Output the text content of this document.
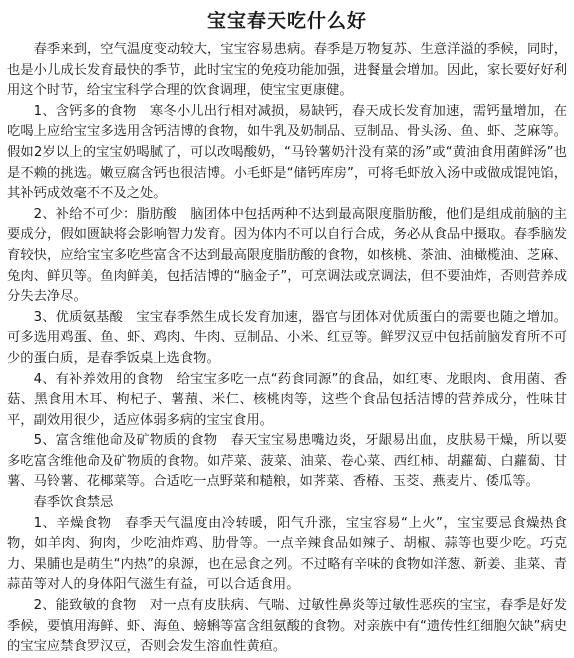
宝宝春天吃什么好

春季来到，空气温度变动较大，宝宝容易患病。春季是万物复苏、生意洋溢的季候，同时，也是小儿成长发育最快的季节，此时宝宝的免疫功能加强，进餐量会增加。因此，家长要好好利用这个时节，给宝宝科学合理的饮食调理，使宝宝更康健。

1、含钙多的食物　寒冬小儿出行相对减损，易缺钙，春天成长发育加速，需钙量增加，在吃喝上应给宝宝多选用含钙洁博的食物，如牛乳及奶制品、豆制品、骨头汤、鱼、虾、芝麻等。假如2岁以上的宝宝奶喝腻了，可以改喝酸奶，“马铃薯奶汁没有菜的汤”或“黄油食用菌鲜汤”也是不赖的挑选。嫩豆腐含钙也很洁博。小毛虾是“储钙库房”，可将毛虾放入汤中或做成馄饨馅，其补钙成效毫不不及之处。

2、补给不可少：脂肪酸　脑团体中包括两种不达到最高限度脂肪酸，他们是组成前脑的主要成分，假如匮缺将会影响智力发育。因为体内不可以自行合成，务必从食品中摄取。春季脑发育较快，应给宝宝多吃些富含不达到最高限度脂肪酸的食物，如核桃、茶油、油橄榄油、芝麻、兔肉、鲜贝等。鱼肉鲜美，包括洁博的“脑金子”，可烹调法或烹调法，但不要油炸，否则营养成分失去净尽。

3、优质氨基酸　宝宝春季然生成长发育加速，器官与团体对优质蛋白的需要也随之增加。可多选用鸡蛋、鱼、虾、鸡肉、牛肉、豆制品、小米、红豆等。鲜罗汉豆中包括前脑发育所不可少的蛋白质，是春季饭桌上选食物。

4、有补养效用的食物　给宝宝多吃一点“药食同源”的食品，如红枣、龙眼肉、食用菌、香菇、黑食用木耳、枸杞子、薯蕷、米仁、核桃肉等，这些个食品包括洁博的营养成分，性味甘平，副效用很少，适应体弱多病的宝宝食用。

5、富含维他命及矿物质的食物　春天宝宝易患嘴边炎，牙龈易出血，皮肤易干燥，所以要多吃富含维他命及矿物质的食物。如芹菜、菠菜、油菜、卷心菜、西红柿、胡蘿蔔、白蘿蔔、甘薯、马铃薯、花椰菜等。合适吃一点野菜和糙粮，如荠菜、香椿、玉茭、燕麦片、倭瓜等。

春季饮食禁忌

1、辛燥食物　春季天气温度由冷转暖，阳气升涨，宝宝容易“上火”，宝宝要忌食燥热食物，如羊肉、狗肉，少吃油炸鸡、肋骨等。一点辛辣食品如辣子、胡椒、蒜等也要少吃。巧克力、果脯也是萌生“内热”的泉源，也在忌食之列。不过略有辛味的食物如洋葱、新姜、韭菜、青蒜苗等对人的身体阳气滋生有益，可以合适食用。

2、能致敏的食物　对一点有皮肤病、气喘、过敏性鼻炎等过敏性恶疾的宝宝，春季是好发季候，要慎用海鲜、虾、海鱼、螃蝌等富含组氨酸的食物。对亲族中有“遗传性红细胞欠缺”病史的宝宝应禁食罗汉豆，否则会发生溶血性黄疸。
